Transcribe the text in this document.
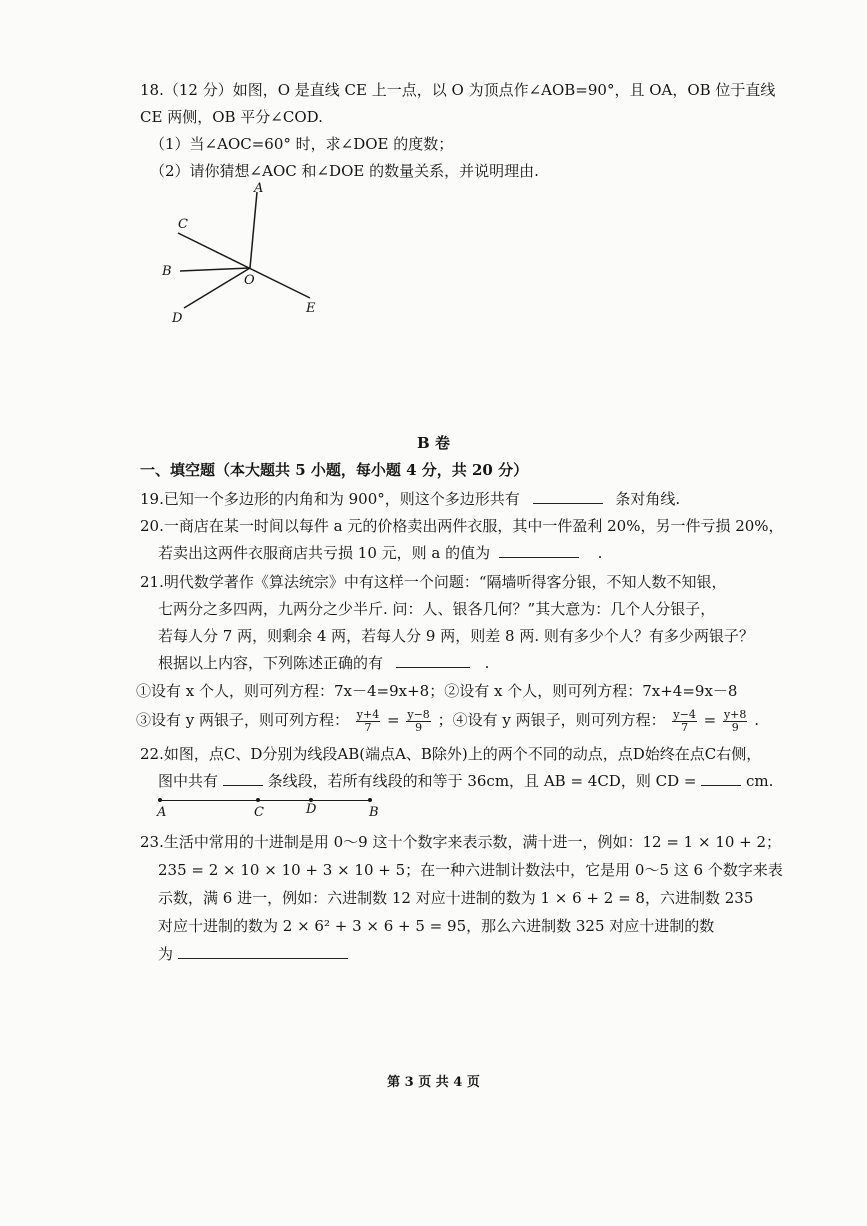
18.（12 分）如图，O 是直线 CE 上一点，以 O 为顶点作∠AOB=90°，且 OA，OB 位于直线
CE 两侧，OB 平分∠COD.
（1）当∠AOC=60° 时，求∠DOE 的度数；
（2）请你猜想∠AOC 和∠DOE 的数量关系，并说明理由.
A
C
B
O
D
E
B 卷
一、填空题（本大题共 5 小题，每小题 4 分，共 20 分）
19.已知一个多边形的内角和为 900°，则这个多边形共有	条对角线.
20.一商店在某一时间以每件 a 元的价格卖出两件衣服，其中一件盈利 20%，另一件亏损 20%，
若卖出这两件衣服商店共亏损 10 元，则 a 的值为	.
21.明代数学著作《算法统宗》中有这样一个问题：“隔墙听得客分银，不知人数不知银，
七两分之多四两，九两分之少半斤. 问：人、银各几何？”其大意为：几个人分银子，
若每人分 7 两，则剩余 4 两，若每人分 9 两，则差 8 两. 则有多少个人？有多少两银子？
根据以上内容，下列陈述正确的有	.
①设有 x 个人，则可列方程：7x－4=9x+8；②设有 x 个人，则可列方程：7x+4=9x－8
③设有 y 两银子，则可列方程： $\frac{y+4}{7} = \frac{y-8}{9}$ ；④设有 y 两银子，则可列方程： $\frac{y-4}{7} = \frac{y+8}{9}$ .
22.如图，点C、D分别为线段AB(端点A、B除外)上的两个不同的动点，点D始终在点C右侧，
图中共有	条线段，若所有线段的和等于 36cm，且 AB = 4CD，则 CD =	cm.
A	C	D	B
23.生活中常用的十进制是用 0～9 这十个数字来表示数，满十进一，例如：12 = 1 × 10 + 2；
235 = 2 × 10 × 10 + 3 × 10 + 5；在一种六进制计数法中，它是用 0～5 这 6 个数字来表
示数，满 6 进一，例如：六进制数 12 对应十进制的数为 1 × 6 + 2 = 8，六进制数 235
对应十进制的数为 2 × 6² + 3 × 6 + 5 = 95，那么六进制数 325 对应十进制的数
为
第 3 页 共 4 页
